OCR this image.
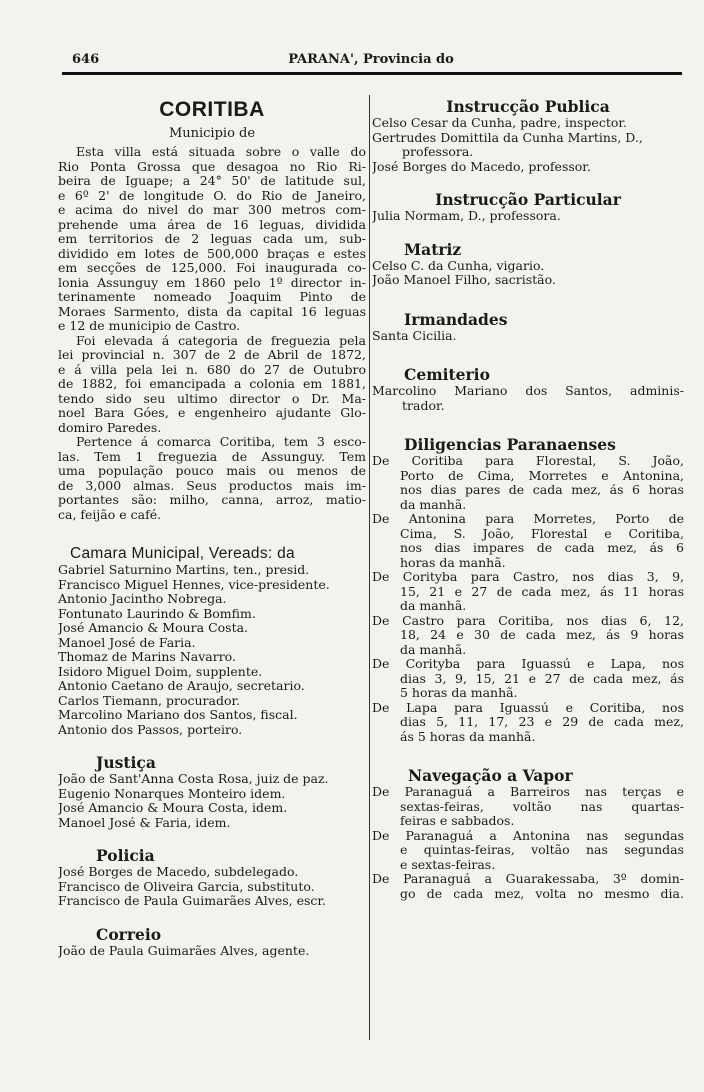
646	PARANA', Provincia do
CORITIBA
Municipio de
Esta villa está situada sobre o valle do
Rio Ponta Grossa que desagoa no Rio Ri-
beira de Iguape; a 24° 50' de latitude sul,
e 6º 2' de longitude O. do Rio de Janeiro,
e acima do nivel do mar 300 metros com-
prehende uma área de 16 leguas, dividida
em territorios de 2 leguas cada um, sub-
dividido em lotes de 500,000 braças e estes
em secções de 125,000. Foi inaugurada co-
lonia Assunguy em 1860 pelo 1º director in-
terinamente nomeado Joaquim Pinto de
Moraes Sarmento, dista da capital 16 leguas
e 12 de municipio de Castro.
Foi elevada á categoria de freguezia pela
lei provincial n. 307 de 2 de Abril de 1872,
e á villa pela lei n. 680 do 27 de Outubro
de 1882, foi emancipada a colonia em 1881,
tendo sido seu ultimo director o Dr. Ma-
noel Bara Góes, e engenheiro ajudante Glo-
domiro Paredes.
Pertence á comarca Coritiba, tem 3 esco-
las. Tem 1 freguezia de Assunguy. Tem
uma população pouco mais ou menos de
de 3,000 almas. Seus productos mais im-
portantes são: milho, canna, arroz, matio-
ca, feijão e café.
Camara Municipal, Vereads: da
Gabriel Saturnino Martins, ten., presid.
Francisco Miguel Hennes, vice-presidente.
Antonio Jacintho Nobrega.
Fontunato Laurindo & Bomfim.
José Amancio & Moura Costa.
Manoel José de Faria.
Thomaz de Marins Navarro.
Isidoro Miguel Doim, supplente.
Antonio Caetano de Araujo, secretario.
Carlos Tiemann, procurador.
Marcolino Mariano dos Santos, fiscal.
Antonio dos Passos, porteiro.
Justiça
João de Sant'Anna Costa Rosa, juiz de paz.
Eugenio Nonarques Monteiro idem.
José Amancio & Moura Costa, idem.
Manoel José & Faria, idem.
Policia
José Borges de Macedo, subdelegado.
Francisco de Oliveira Garcia, substituto.
Francisco de Paula Guimarães Alves, escr.
Correio
João de Paula Guimarães Alves, agente.
Instrucção Publica
Celso Cesar da Cunha, padre, inspector.
Gertrudes Domittila da Cunha Martins, D.,
professora.
José Borges do Macedo, professor.
Instrucção Particular
Julia Normam, D., professora.
Matriz
Celso C. da Cunha, vigario.
João Manoel Filho, sacristão.
Irmandades
Santa Cicilia.
Cemiterio
Marcolino Mariano dos Santos, adminis-
trador.
Diligencias Paranaenses
De Coritiba para Florestal, S. João,
Porto de Cima, Morretes e Antonina,
nos dias pares de cada mez, ás 6 horas
da manhã.
De Antonina para Morretes, Porto de
Cima, S. João, Florestal e Coritiba,
nos dias impares de cada mez, ás 6
horas da manhã.
De Corityba para Castro, nos dias 3, 9,
15, 21 e 27 de cada mez, ás 11 horas
da manhã.
De Castro para Coritiba, nos dias 6, 12,
18, 24 e 30 de cada mez, ás 9 horas
da manhã.
De Corityba para Iguassú e Lapa, nos
dias 3, 9, 15, 21 e 27 de cada mez, ás
5 horas da manhã.
De Lapa para Iguassú e Coritiba, nos
dias 5, 11, 17, 23 e 29 de cada mez,
ás 5 horas da manhã.
Navegação a Vapor
De Paranaguá a Barreiros nas terças e
sextas-feiras, voltão nas quartas-
feiras e sabbados.
De Paranaguá a Antonina nas segundas
e quintas-feiras, voltão nas segundas
e sextas-feiras.
De Paranaguá a Guarakessaba, 3º domin-
go de cada mez, volta no mesmo dia.
